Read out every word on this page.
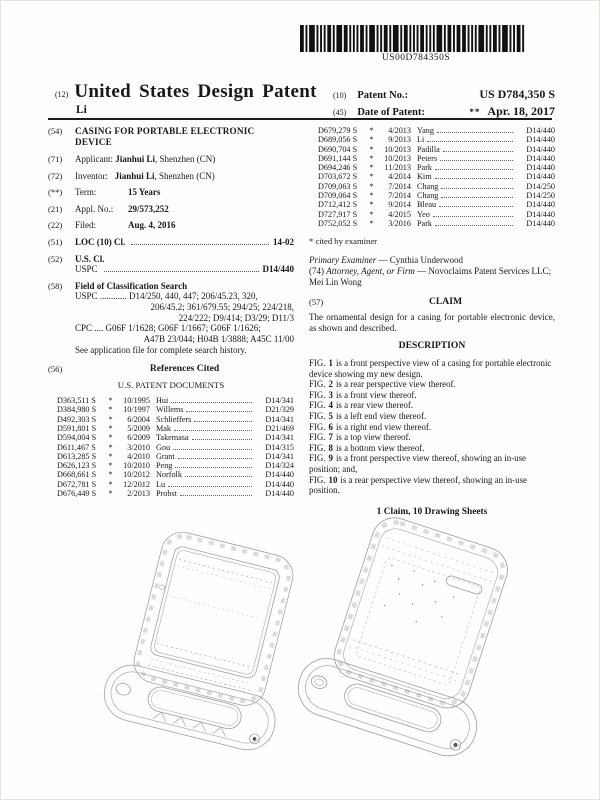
US00D784350S
(12) United States Design Patent
Li
(10) Patent No.:	US D784,350 S
(45) Date of Patent:	** Apr. 18, 2017
(54)	CASING FOR PORTABLE ELECTRONIC DEVICE
(71)	Applicant: Jianhui Li, Shenzhen (CN)
(72)	Inventor: Jianhui Li, Shenzhen (CN)
(**)	Term:	15 Years
(21)	Appl. No.:	29/573,252
(22)	Filed:	Aug. 4, 2016
(51)	LOC (10) Cl.	14-02
(52)	U.S. Cl.
USPC	D14/440
(58)	Field of Classification Search
USPC ............ D14/250, 440, 447; 206/45.23, 320,
206/45.2; 361/679.55; 294/25; 224/218,
224/222; D9/414; D3/29; D11/3
CPC .... G06F 1/1628; G06F 1/1667; G06F 1/1626;
A47B 23/044; H04B 1/3888; A45C 11/00
See application file for complete search history.
(56)	References Cited
U.S. PATENT DOCUMENTS
D363,511 S	*	10/1995 Hui	D14/341
D384,980 S	*	10/1997 Willems	D21/329
D492,303 S	*	6/2004 Schlieffers	D14/341
D591,801 S	*	5/2009 Mak	D21/469
D594,004 S	*	6/2009 Takemasa	D14/341
D611,467 S	*	3/2010 Gou	D14/315
D613,285 S	*	4/2010 Grant	D14/341
D626,123 S	*	10/2010 Peng	D14/324
D668,661 S	*	10/2012 Norfolk	D14/440
D672,781 S	*	12/2012 Lu	D14/440
D676,449 S	*	2/2013 Probst	D14/440
D679,279 S	*	4/2013 Yang	D14/440
D689,056 S	*	9/2013 Li	D14/440
D690,704 S	*	10/2013 Padilla	D14/440
D691,144 S	*	10/2013 Peters	D14/440
D694,246 S	*	11/2013 Park	D14/440
D703,672 S	*	4/2014 Kim	D14/440
D709,063 S	*	7/2014 Chang	D14/250
D709,064 S	*	7/2014 Chang	D14/250
D712,412 S	*	9/2014 Bleau	D14/440
D727,917 S	*	4/2015 Yeo	D14/440
D752,052 S	*	3/2016 Park	D14/440
* cited by examiner
Primary Examiner — Cynthia Underwood
(74) Attorney, Agent, or Firm — Novoclaims Patent Services LLC; Mei Lin Wong
(57)	CLAIM
The ornamental design for a casing for portable electronic device, as shown and described.
DESCRIPTION
FIG. 1 is a front perspective view of a casing for portable electronic device showing my new design.
FIG. 2 is a rear perspective view thereof.
FIG. 3 is a front view thereof.
FIG. 4 is a rear view thereof.
FIG. 5 is a left end view thereof.
FIG. 6 is a right end view thereof.
FIG. 7 is a top view thereof.
FIG. 8 is a bottom view thereof.
FIG. 9 is a front perspective view thereof, showing an in-use position; and,
FIG. 10 is a rear perspective view thereof, showing an in-use position.
1 Claim, 10 Drawing Sheets
